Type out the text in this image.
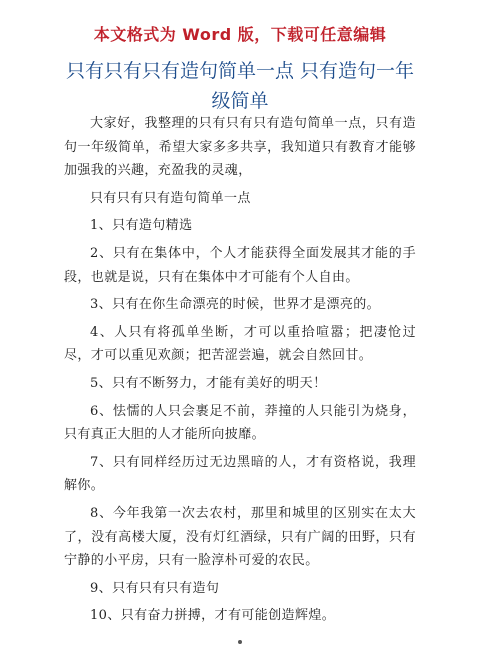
本文格式为 Word 版，下载可任意编辑
只有只有只有造句简单一点 只有造句一年级简单

大家好，我整理的只有只有只有造句简单一点，只有造句一年级简单，希望大家多多共享，我知道只有教育才能够加强我的兴趣，充盈我的灵魂，

只有只有只有造句简单一点

1、只有造句精选

2、只有在集体中，个人才能获得全面发展其才能的手段，也就是说，只有在集体中才可能有个人自由。

3、只有在你生命漂亮的时候，世界才是漂亮的。

4、人只有将孤单坐断，才可以重拾喧嚣；把凄怆过尽，才可以重见欢颜；把苦涩尝遍，就会自然回甘。

5、只有不断努力，才能有美好的明天！

6、怯懦的人只会裹足不前，莽撞的人只能引为烧身，只有真正大胆的人才能所向披靡。

7、只有同样经历过无边黑暗的人，才有资格说，我理解你。

8、今年我第一次去农村，那里和城里的区别实在太大了，没有高楼大厦，没有灯红酒绿，只有广阔的田野，只有宁静的小平房，只有一脸淳朴可爱的农民。

9、只有只有只有造句

10、只有奋力拼搏，才有可能创造辉煌。
